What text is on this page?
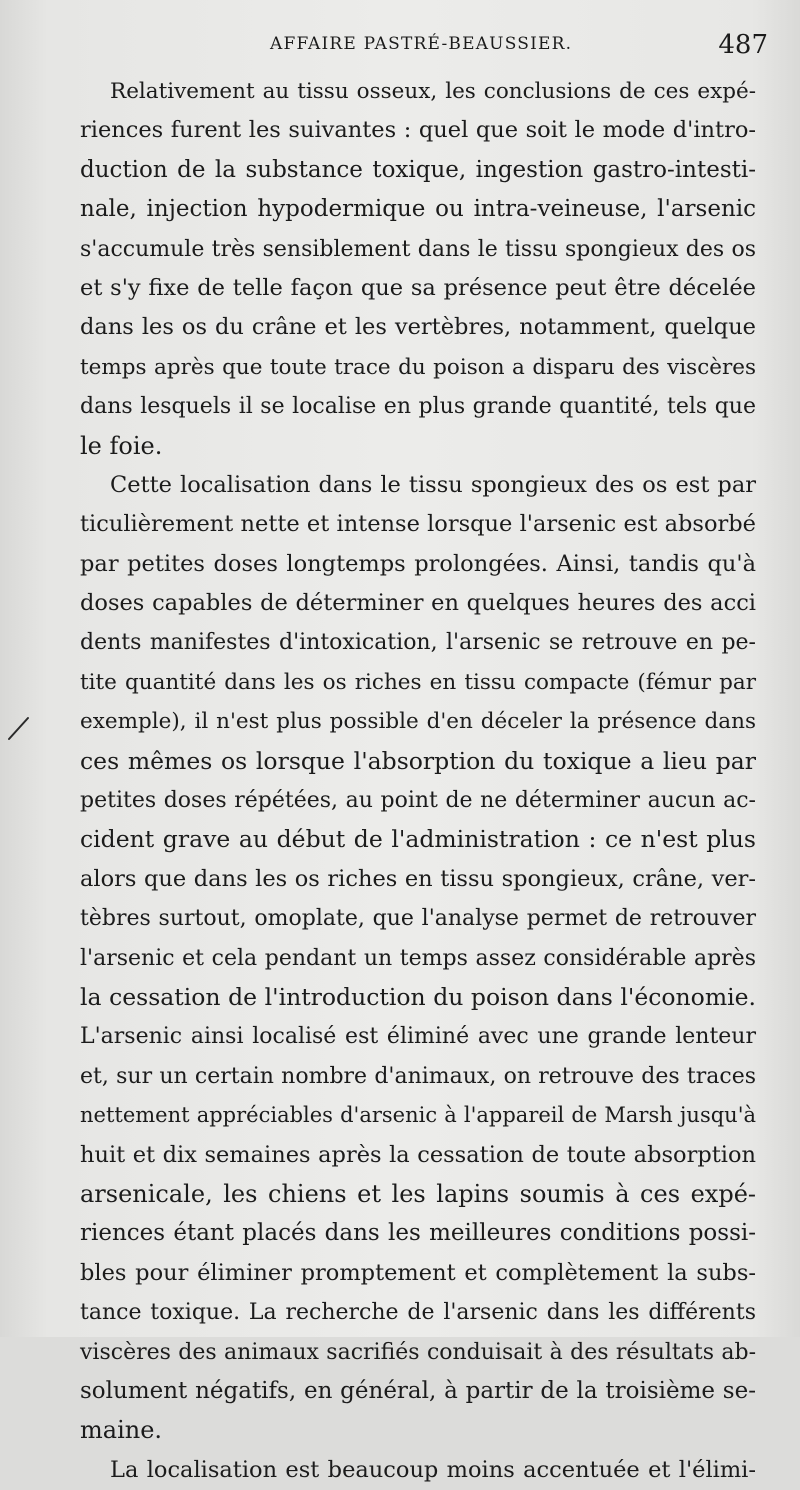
AFFAIRE PASTRÉ-BEAUSSIER.	487

Relativement au tissu osseux, les conclusions de ces expé-
riences furent les suivantes : quel que soit le mode d'intro-
duction de la substance toxique, ingestion gastro-intesti-
nale, injection hypodermique ou intra-veineuse, l'arsenic
s'accumule très sensiblement dans le tissu spongieux des os
et s'y fixe de telle façon que sa présence peut être décelée
dans les os du crâne et les vertèbres, notamment, quelque
temps après que toute trace du poison a disparu des viscères
dans lesquels il se localise en plus grande quantité, tels que
le foie.

Cette localisation dans le tissu spongieux des os est par
ticulièrement nette et intense lorsque l'arsenic est absorbé
par petites doses longtemps prolongées. Ainsi, tandis qu'à
doses capables de déterminer en quelques heures des acci
dents manifestes d'intoxication, l'arsenic se retrouve en pe-
tite quantité dans les os riches en tissu compacte (fémur par
exemple), il n'est plus possible d'en déceler la présence dans
ces mêmes os lorsque l'absorption du toxique a lieu par
petites doses répétées, au point de ne déterminer aucun ac-
cident grave au début de l'administration : ce n'est plus
alors que dans les os riches en tissu spongieux, crâne, ver-
tèbres surtout, omoplate, que l'analyse permet de retrouver
l'arsenic et cela pendant un temps assez considérable après
la cessation de l'introduction du poison dans l'économie.
L'arsenic ainsi localisé est éliminé avec une grande lenteur
et, sur un certain nombre d'animaux, on retrouve des traces
nettement appréciables d'arsenic à l'appareil de Marsh jusqu'à
huit et dix semaines après la cessation de toute absorption
arsenicale, les chiens et les lapins soumis à ces expé-
riences étant placés dans les meilleures conditions possi-
bles pour éliminer promptement et complètement la subs-
tance toxique. La recherche de l'arsenic dans les différents
viscères des animaux sacrifiés conduisait à des résultats ab-
solument négatifs, en général, à partir de la troisième se-
maine.

La localisation est beaucoup moins accentuée et l'élimi-
